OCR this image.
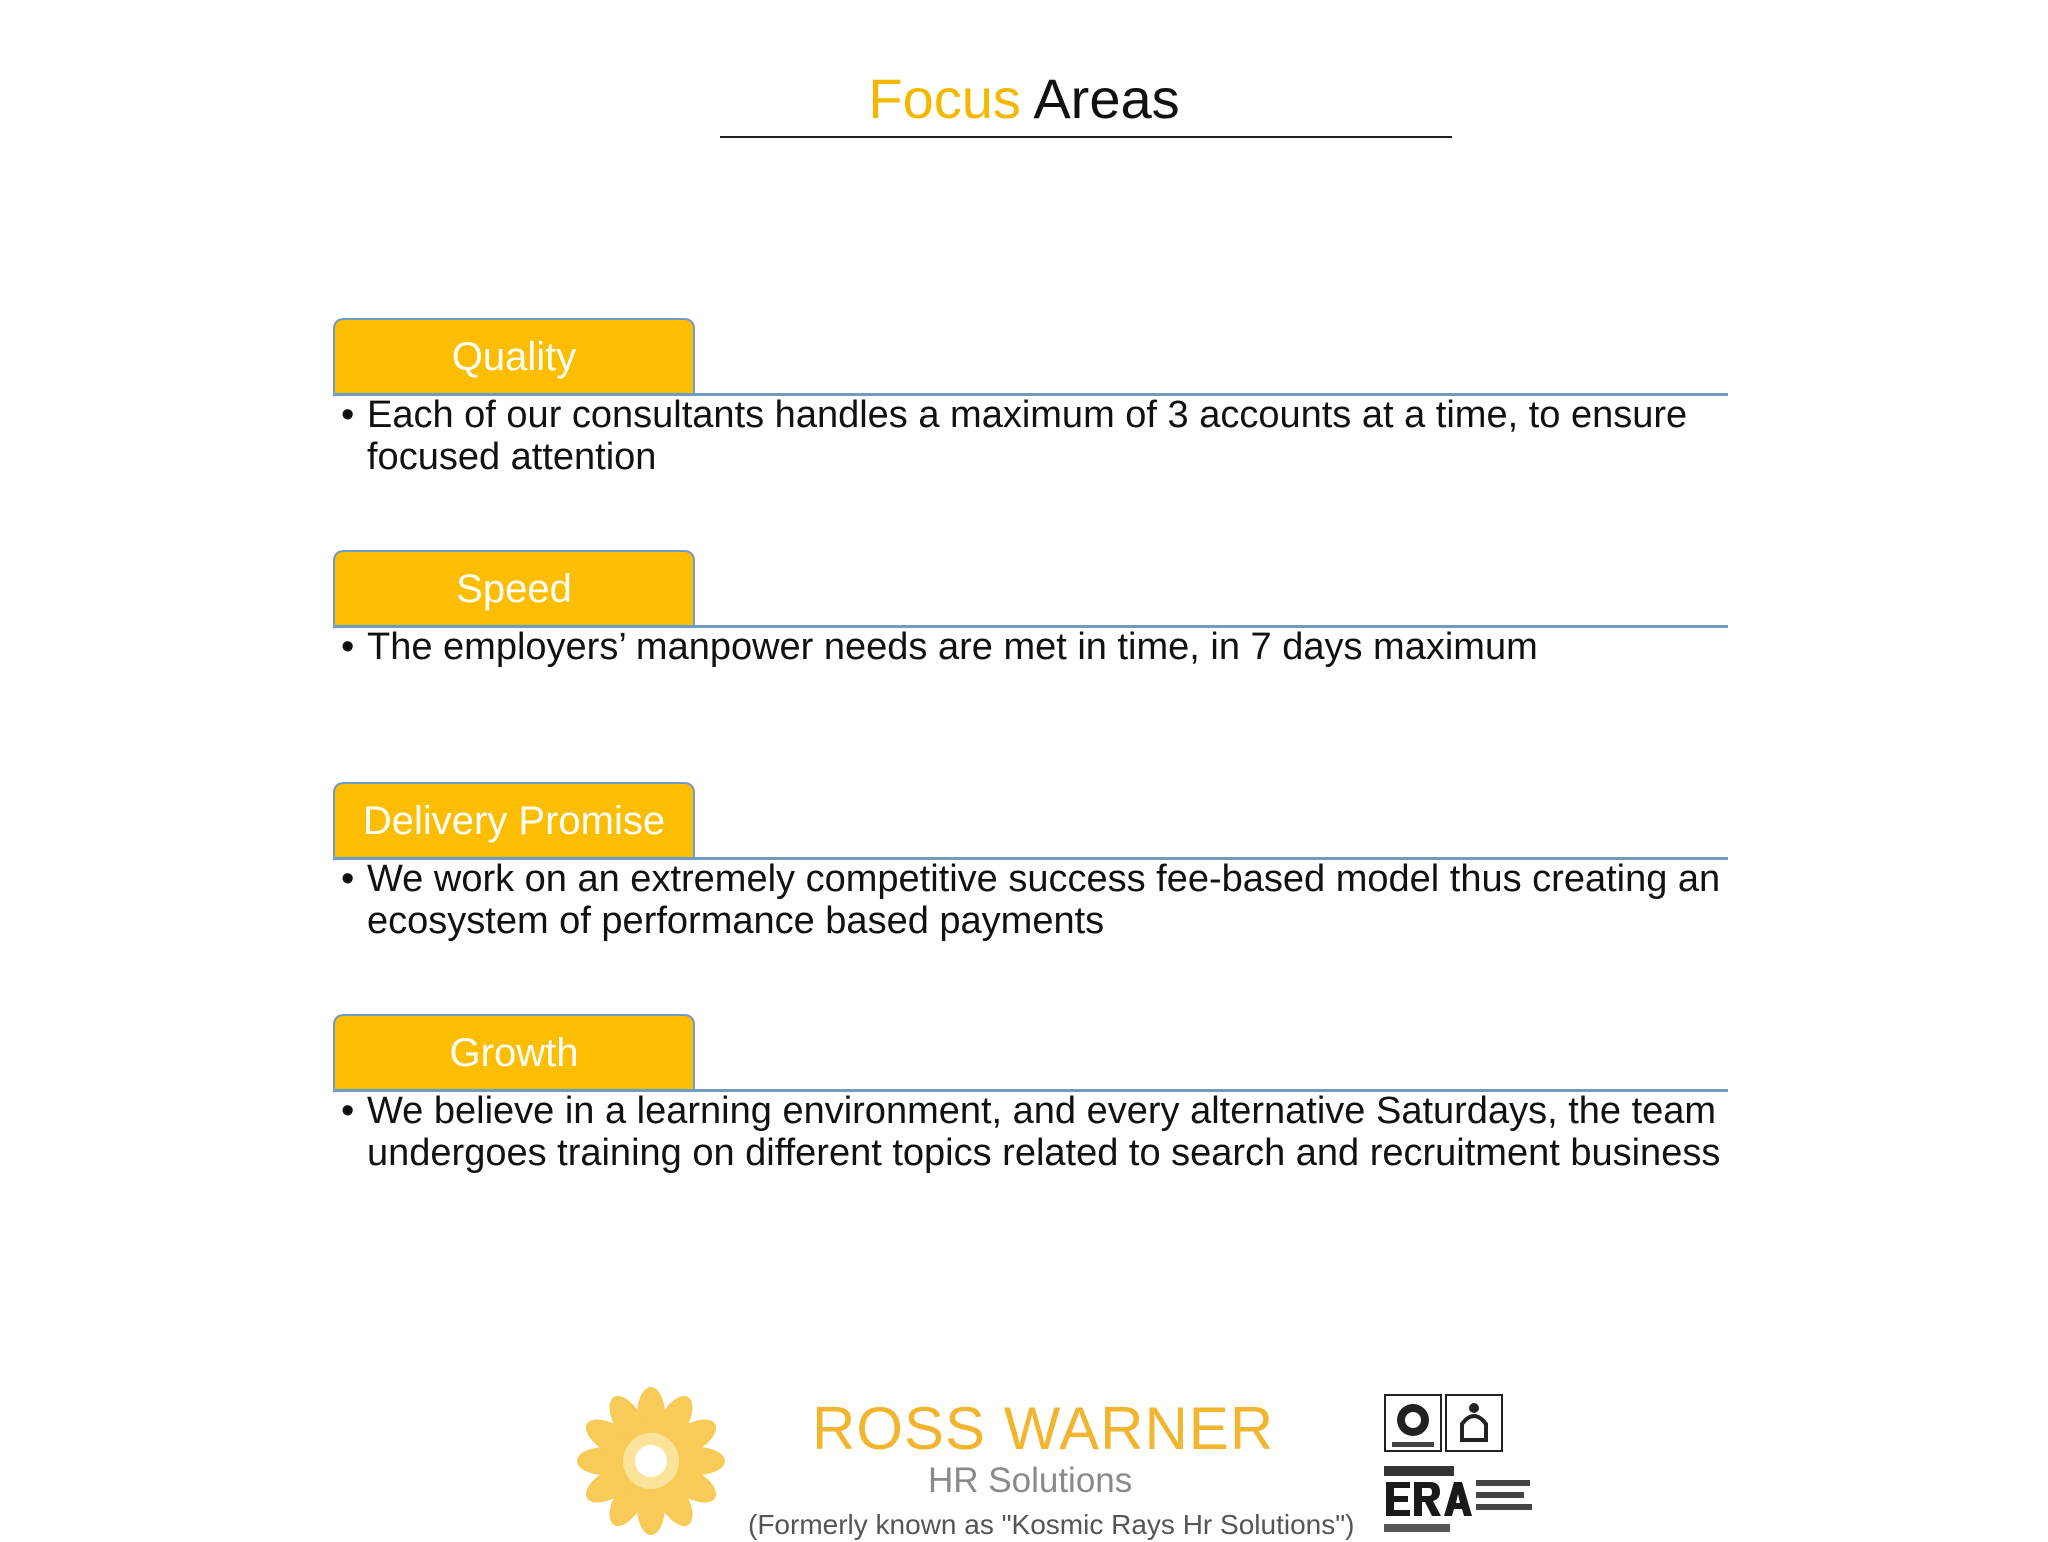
Focus Areas
Quality

• Each of our consultants handles a maximum of 3 accounts at a time, to ensure focused attention

Speed

• The employers’ manpower needs are met in time, in 7 days maximum

Delivery Promise

• We work on an extremely competitive success fee-based model thus creating an ecosystem of performance based payments

Growth

• We believe in a learning environment, and every alternative Saturdays, the team undergoes training on different topics related to search and recruitment business

ROSS WARNER
HR Solutions
(Formerly known as "Kosmic Rays Hr Solutions")
